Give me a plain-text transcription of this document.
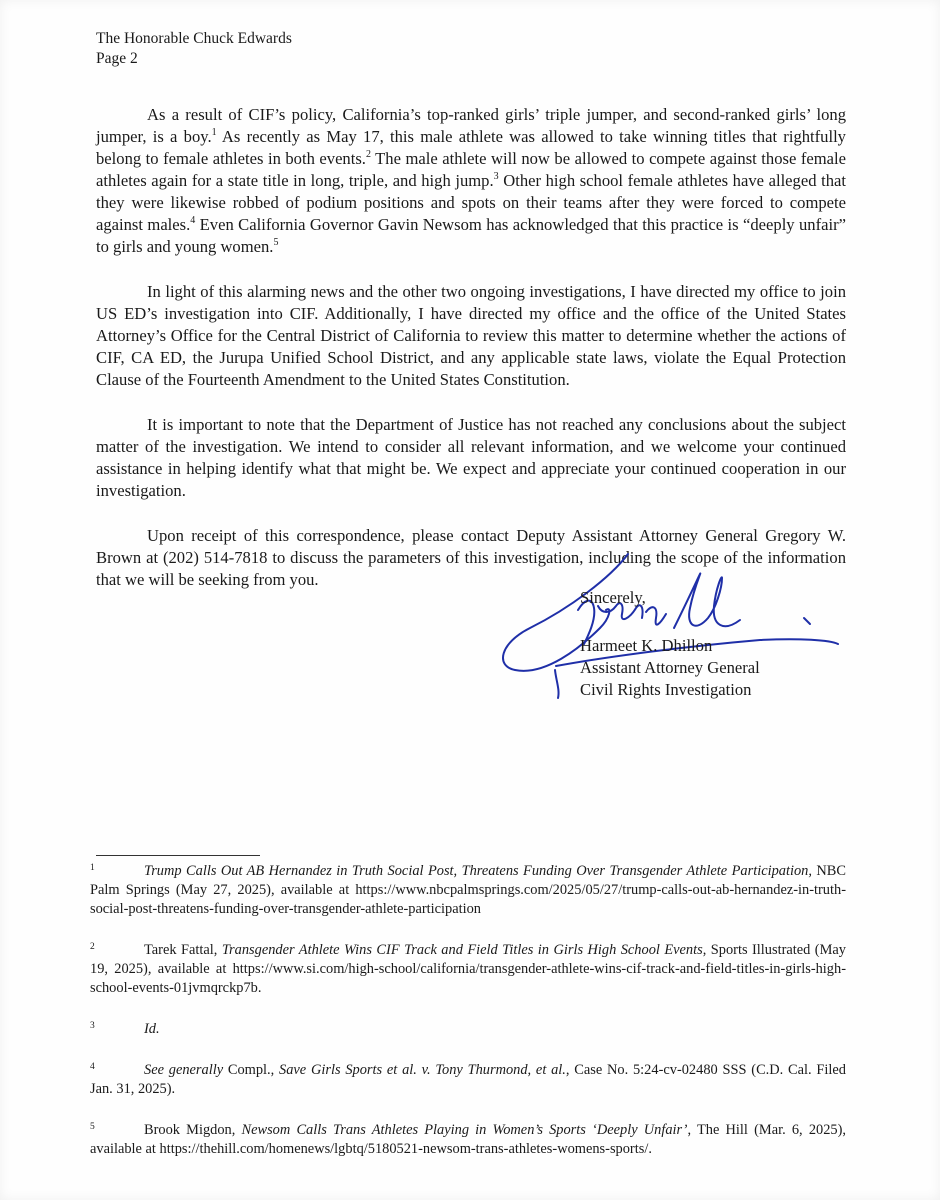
The Honorable Chuck Edwards
Page 2

As a result of CIF’s policy, California’s top-ranked girls’ triple jumper, and second-ranked girls’ long jumper, is a boy.$^1$ As recently as May 17, this male athlete was allowed to take winning titles that rightfully belong to female athletes in both events.$^2$ The male athlete will now be allowed to compete against those female athletes again for a state title in long, triple, and high jump.$^3$ Other high school female athletes have alleged that they were likewise robbed of podium positions and spots on their teams after they were forced to compete against males.$^4$ Even California Governor Gavin Newsom has acknowledged that this practice is “deeply unfair” to girls and young women.$^5$

In light of this alarming news and the other two ongoing investigations, I have directed my office to join US ED’s investigation into CIF. Additionally, I have directed my office and the office of the United States Attorney’s Office for the Central District of California to review this matter to determine whether the actions of CIF, CA ED, the Jurupa Unified School District, and any applicable state laws, violate the Equal Protection Clause of the Fourteenth Amendment to the United States Constitution.

It is important to note that the Department of Justice has not reached any conclusions about the subject matter of the investigation. We intend to consider all relevant information, and we welcome your continued assistance in helping identify what that might be. We expect and appreciate your continued cooperation in our investigation.

Upon receipt of this correspondence, please contact Deputy Assistant Attorney General Gregory W. Brown at (202) 514-7818 to discuss the parameters of this investigation, including the scope of the information that we will be seeking from you.

Sincerely,
Harmeet K. Dhillon
Assistant Attorney General
Civil Rights Investigation
1	Trump Calls Out AB Hernandez in Truth Social Post, Threatens Funding Over Transgender Athlete Participation, NBC Palm Springs (May 27, 2025), available at https://www.nbcpalmsprings.com/2025/05/27/trump-calls-out-ab-hernandez-in-truth-social-post-threatens-funding-over-transgender-athlete-participation
2	Tarek Fattal, Transgender Athlete Wins CIF Track and Field Titles in Girls High School Events, Sports Illustrated (May 19, 2025), available at https://www.si.com/high-school/california/transgender-athlete-wins-cif-track-and-field-titles-in-girls-high-school-events-01jvmqrckp7b.
3	Id.
4	See generally Compl., Save Girls Sports et al. v. Tony Thurmond, et al., Case No. 5:24-cv-02480 SSS (C.D. Cal. Filed Jan. 31, 2025).
5	Brook Migdon, Newsom Calls Trans Athletes Playing in Women’s Sports ‘Deeply Unfair’, The Hill (Mar. 6, 2025), available at https://thehill.com/homenews/lgbtq/5180521-newsom-trans-athletes-womens-sports/.
